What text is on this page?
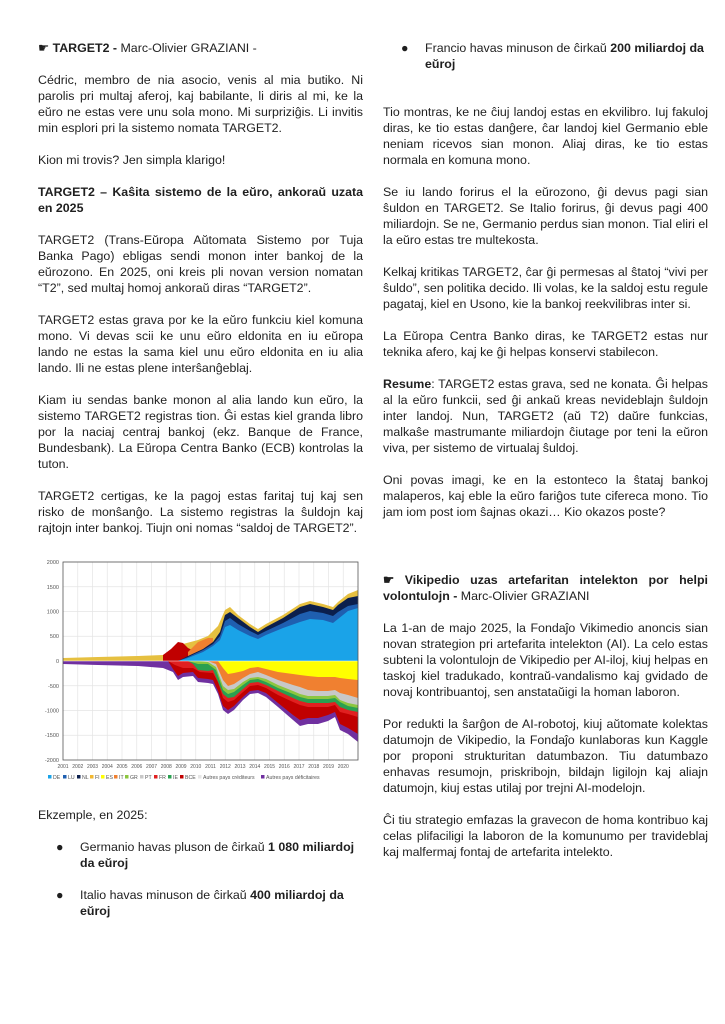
☛ TARGET2 - Marc-Olivier GRAZIANI -

Cédric, membro de nia asocio, venis al mia butiko. Ni parolis pri multaj aferoj, kaj babilante, li diris al mi, ke la eŭro ne estas vere unu sola mono. Mi surpriziĝis. Li invitis min esplori pri la sistemo nomata TARGET2.

Kion mi trovis? Jen simpla klarigo!

TARGET2 – Kaŝita sistemo de la eŭro, ankoraŭ uzata en 2025

TARGET2 (Trans-Eŭropa Aŭtomata Sistemo por Tuja Banka Pago) ebligas sendi monon inter bankoj de la eŭrozono. En 2025, oni kreis pli novan version nomatan “T2”, sed multaj homoj ankoraŭ diras “TARGET2”.

TARGET2 estas grava por ke la eŭro funkciu kiel komuna mono. Vi devas scii ke unu eŭro eldonita en iu eŭropa lando ne estas la sama kiel unu eŭro eldonita en iu alia lando. Ili ne estas plene interŝanĝeblaj.

Kiam iu sendas banke monon al alia lando kun eŭro, la sistemo TARGET2 registras tion. Ĝi estas kiel granda libro por la naciaj centraj bankoj (ekz. Banque de France, Bundesbank). La Eŭropa Centra Banko (ECB) kontrolas la tuton.

TARGET2 certigas, ke la pagoj estas faritaj tuj kaj sen risko de monŝanĝo. La sistemo registras la ŝuldojn kaj rajtojn inter bankoj. Tiujn oni nomas “saldoj de TARGET2”.

2000
1500
1000
500
0
-500
-1000
-1500
-2000
2001 2002 2003 2004 2005 2006 2007 2008 2009 2010 2011 2012 2013 2014 2015 2016 2017 2018 2019 2020
DE LU NL FI ES IT GR PT FR IE BCE Autres pays créditeurs Autres pays déficitaires

Ekzemple, en 2025:

● Germanio havas pluson de ĉirkaŭ 1 080 miliardoj da eŭroj
● Italio havas minuson de ĉirkaŭ 400 miliardoj da eŭroj
● Francio havas minuson de ĉirkaŭ 200 miliardoj da eŭroj

Tio montras, ke ne ĉiuj landoj estas en ekvilibro. Iuj fakuloj diras, ke tio estas danĝere, ĉar landoj kiel Germanio eble neniam ricevos sian monon. Aliaj diras, ke tio estas normala en komuna mono.

Se iu lando forirus el la eŭrozono, ĝi devus pagi sian ŝuldon en TARGET2. Se Italio forirus, ĝi devus pagi 400 miliardojn. Se ne, Germanio perdus sian monon. Tial eliri el la eŭro estas tre multekosta.

Kelkaj kritikas TARGET2, ĉar ĝi permesas al ŝtatoj “vivi per ŝuldo”, sen politika decido. Ili volas, ke la saldoj estu regule pagataj, kiel en Usono, kie la bankoj reekvilibras inter si.

La Eŭropa Centra Banko diras, ke TARGET2 estas nur teknika afero, kaj ke ĝi helpas konservi stabilecon.

Resume: TARGET2 estas grava, sed ne konata. Ĝi helpas al la eŭro funkcii, sed ĝi ankaŭ kreas nevideblajn ŝuldojn inter landoj. Nun, TARGET2 (aŭ T2) daŭre funkcias, malkaŝe mastrumante miliardojn ĉiutage por teni la eŭron viva, per sistemo de virtualaj ŝuldoj.

Oni povas imagi, ke en la estonteco la ŝtataj bankoj malaperos, kaj eble la eŭro fariĝos tute cifereca mono. Tio jam iom post iom ŝajnas okazi… Kio okazos poste?

☛ Vikipedio uzas artefaritan intelekton por helpi volontulojn - Marc-Olivier GRAZIANI

La 1-an de majo 2025, la Fondaĵo Vikimedio anoncis sian novan strategion pri artefarita intelekton (AI). La celo estas subteni la volontulojn de Vikipedio per AI-iloj, kiuj helpas en taskoj kiel tradukado, kontraŭ-vandalismo kaj gvidado de novaj kontribuantoj, sen anstataŭigi la homan laboron.

Por redukti la ŝarĝon de AI-robotoj, kiuj aŭtomate kolektas datumojn de Vikipedio, la Fondaĵo kunlaboras kun Kaggle por proponi strukturitan datumbazon. Tiu datumbazo enhavas resumojn, priskribojn, bildajn ligilojn kaj aliajn datumojn, kiuj estas utilaj por trejni AI-modelojn.

Ĉi tiu strategio emfazas la gravecon de homa kontribuo kaj celas plifaciligi la laboron de la komunumo per travideblaj kaj malfermaj fontaj de artefarita intelekto.
